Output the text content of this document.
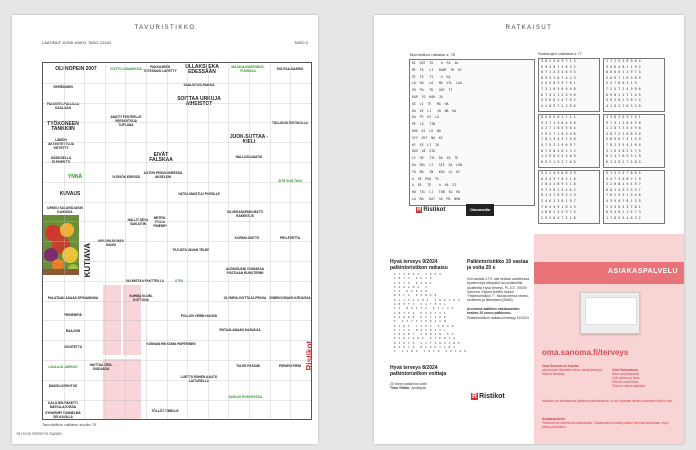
TAVURISTIKKO
LAATINUT JUSSI HAKO, TASO 12140	TASO 2
KUTIAVA
Ristikot
OLI NOPEIN 2007	VOITTO-VAMAKKSIA	PAKKASEEN TOTESSASI LAPETTY
ULLAKSI EKA EDESSÄÄN
MAJAVA-RAKENNUS-PUUNSSA	SOUTAA-SAARIO
VIHREÄINEN	SAALISTUS-PAIKKA
PALKINTO-PALLILLA KAULAAN
SOITTAA URKUJA AIHEISTOT
TYÖKONEEN TANKKIIN
ANATTI PENTEELLE VERSIOITSIJA TUPLANA	TÄLLÄKIN RISTIKOLLA
JUOK-SUTTAA -KIELI
LÄMÖN AKTIIVITETTOJA VIETETTY
KÄSIKSELLA ELEMENTTI
EIVÄT FALSKAA	HALLUSI-NAATIO
YNNÄ	YLEISÖN EDESSÄ
AUTON PESUKONEESSA AKSELEIN
SITÄ SUN TAYA
KUVAUS	VATSA MAISTUU PORSLLE
URKKU SALAVIDJAKIN KAIKISSA	SILVEKASKENIN MATTI RAKENTUS
HALLIT-SEVA VAKUUTIN
METRO-POLIA PINEMPI
KORKKI-MATTO	PRO-FEETTA
MUU MAAILMAN SANOI
TIU'USTA VAVAH-TELEE
AUDIOSUANI VOIMAKSA POSTIAAN RUNOTERMI
VALMISTAA PAKTTEILLA	UTSII
PALATAAN ASAAA SPISIANKINA	KUHMA KUUM-KOTTONA	OLYMPIA-VOITTAJA PEKKA ENNEN DISAKE-KIRJASSA
PIENEMPIÄ	POLLEN VERBI HAVUSI
RAAJOIN	RUTAALANAAN KAAVAIJA
OSOITETTU
KONNAN RIKKOMA PAPERINEN
LAULAJA JARKKO	HAITTAA VESI-SOIDASSA
TULEE PASSIIN	PIENENI PIENI
MAKSU-KEHOTUS
LUETTU ENNEN AAUTO LAITURELLA
KALOJEN PAKETTI MATKA-AJOISSA
JOSKUS PUSEROSSA
SYNKEMPI TUNNELMA SEI KAVILLA
TÖLLÖT-TIMELLE
Tavuristikon ratkaisu sivulla 79.
78 HYVÄ TERVEYS SUDEK
RATKAISUT
Tavuristikon ratkaisu s. 78	Sudokujen ratkaisut s.77
KI  ROT  TU    A  PA  JA
MI  TA   LI   RANT  TO  RI
PI  TE   TI    A  KA
LO  HO   LO   MA  VIL  LAA
PO  PO   TK   VAT  TI
KAP  TO  HAR  JA
SE  LI  TE   MA  HA
KA  VE  LI   JA  NA  RA
KA  PY  KY  LÄ
PE  LÄ   TIN
RUS  KI  LU  NO
SYY  HYT  NO  KI
KY  SE  LI  JÄ
RÄS  VÄ  SIU
LY  HE   TIL  RA  VA  TE
KA  DEL  LI   SIE  SA  LON
TA  MA   IN   KOS  LA  KI
A  SE  PUU  TE
A  SE   TE    A  VA  SI
HO  TEL  LI   TON  SU  RU
LA  MA   KAT  SO  MI  NEN
3 8 2 5 6 9 7 1 4
5 9 4 8 7 1 6 3 2
6 7 1 2 3 4 8 9 5
8 9 3 1 6 7 4 2 5
2 4 5 8 3 9 7 6 1
7 2 1 6 5 6 9 4 8
6 7 4 2 1 2 3 9 8
5 3 6 8 1 4 7 9 2
4 1 8 9 7 2 3 5 6
1 7 2 5 3 8 9 6 4
3 5 6 4 8 7 1 9 2
8 6 8 6 1 2 9 7 3
5 6 9 7 1 6 3 8 4
2 4 7 8 6 3 1 9
7 2 5 7 2 4 9 8 6
6 9 8 2 2 7 1 4 5
3 9 2 8 2 3 8 7 4
4 1 9 5 7 8 3 2 6
8 4 6 5 8 2 7 1 1
3 2 7 1 9 6 4 5 8
3 2 7 1 8 5 5 6 4
2 9 2 7 1 6 3 4 8
7 8 1 5 4 3 2 9 6
4 7 5 2 2 5 6 9 7
8 7 5 8 4 6 1 3 2
1 2 9 8 5 4 3 6 9
6 9 3 1 9 2 7 6 5
4 3 8 2 6 9 7 5 1
9 7 5 1 2 8 4 3 6
1 2 8 7 3 5 4 9 6
5 6 7 2 1 6 8 3 4
2 8 9 6 7 4 1 5 9
7 8 2 3 5 9 1 6 4
3 1 6 4 8 2 5 7 9
8 2 4 7 6 5 3 1 9
6 1 3 9 2 7 5 8 4
5 2 1 4 5 6 8 3 9
6 3 4 5 7 8 2 1 6
2 8 4 2 8 9 5 1 8
9 7 3 8 1 5 4 6 2
8 1 4 7 6 9 3 2 5
3 4 6 2 3 8 1 9 7
7 6 4 5 9 1 8 2 3
1 8 6 2 3 4 9 7 5
2 9 5 8 4 7 5 1 6
9 1 3 2 4 7 8 6 5
5 4 7 3 6 8 2 1 9
3 2 6 8 1 5 4 9 7
8 6 1 4 9 2 3 5 7
7 8 2 5 3 1 9 4 6
4 3 9 6 7 8 1 2 5
2 5 9 6 4 3 7 8 1
6 9 4 8 2 1 5 7 3
1 7 8 9 5 4 6 3 2
R Ristikot	Otavamedia
Hyvä terveys 9/2024 palkintoristikon ratkaisu
S  T  O  K  E  S    A  K  K  A
A  N  T  O    A  U  T  O
A  U  T  O    K  A  R  I
P  A  K  A  N  A    T
T  A    D  A  K  A  R
R  E  L  A    P  O  N  K  E
P  L  I  S  U  U  R  I    A  N  K  Y  R  Ä
Ä  N  E  T  I    S  A  T  E  I  L
T  A    R  A  I  T  A    K  T  L  A  D
A  R  T  T  U    K  O  K  T  T  I
A  A  R  R  E    O  S  T  I  R  E
E    S  O  I  T  T  O  R  A  A  N
K  O  R  I    L  S  R  O    O  M  A  R
I  L  L  O    M  A  I  R  A  T  L
S  N  A  R  T    A  M  M  A  N    E  O
K  O  K  O  U  K  S    A  T  E  R  I  A
N  I  E  T  O    S  I  T  A  N  O  I  N  E
E  K  E  L  Ä    R  I  K  O  T  A  N  A
I    L  I  K  O    T  A  V  U    S  A  T  U  H
Hyvä terveys 8/2024 palkintoristikon voittaja
20 euron palkinnon voitti
Timo Ylitalo, Jyväskylä.
Palkintoristikko 10 vastaa ja voita 20 e
Voit vastata 17.9. asti netissä osoitteessa hyvaterveys.fi/kilpailut tai postikortilla osoitteella Hyvä terveys, PL 107, 00040 Sanoma. Kirjoita korttiin tunnus "Palkintoristikko 7". Muista kertoa nimesi, osoitteesi ja liittamisesi (IBAN).

Arvomme kaikkien vastanneiden kesken 20 euron palkinnon. Palkintoristikon ratkaisu ilmestyy 11/2024.
R Ristikot
ASIAKASPALVELU
oma.sanoma.fi/terveys
Oma Sanoma on tarjoaa
palvelukset tilanteille kertoo asiakirjoista ja hallinoi tilauksia

Oma Sanomassa
Näet omat tilaukset
Voit vaihtaa ja tilata
Päivitä omat tiedot
Tilaa ja maksa laskuitta

Haluatko sa tarvittaessa julkaista palvelutilanne Ja voit lopettaa lehden tilauksesi milloin vain.
Asiakaspalvelu
Palvelumme rakennettu asiakkaalle. Tilaamallasi lehdellä pääset helposti asioimaan myös yritys-palveluihin.
